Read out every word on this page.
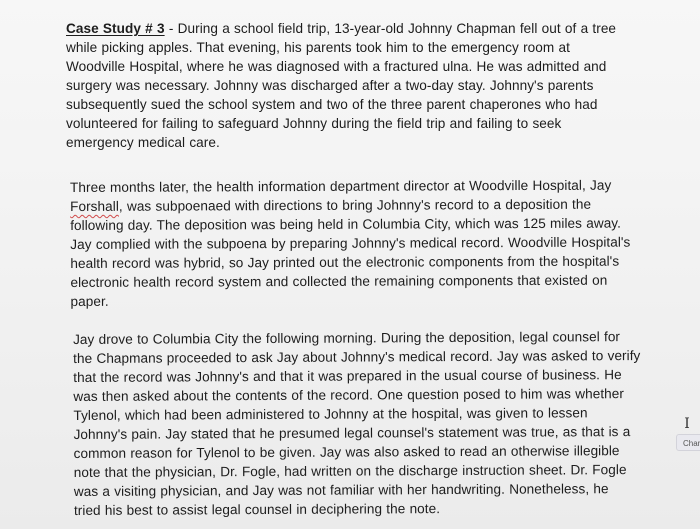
Case Study # 3 - During a school field trip, 13-year-old Johnny Chapman fell out of a tree
while picking apples. That evening, his parents took him to the emergency room at
Woodville Hospital, where he was diagnosed with a fractured ulna. He was admitted and
surgery was necessary. Johnny was discharged after a two-day stay. Johnny's parents
subsequently sued the school system and two of the three parent chaperones who had
volunteered for failing to safeguard Johnny during the field trip and failing to seek
emergency medical care.
Three months later, the health information department director at Woodville Hospital, Jay
Forshall, was subpoenaed with directions to bring Johnny's record to a deposition the
following day. The deposition was being held in Columbia City, which was 125 miles away.
Jay complied with the subpoena by preparing Johnny's medical record. Woodville Hospital's
health record was hybrid, so Jay printed out the electronic components from the hospital's
electronic health record system and collected the remaining components that existed on
paper.
Jay drove to Columbia City the following morning. During the deposition, legal counsel for
the Chapmans proceeded to ask Jay about Johnny's medical record. Jay was asked to verify
that the record was Johnny's and that it was prepared in the usual course of business. He
was then asked about the contents of the record. One question posed to him was whether
Tylenol, which had been administered to Johnny at the hospital, was given to lessen
Johnny's pain. Jay stated that he presumed legal counsel's statement was true, as that is a
common reason for Tylenol to be given. Jay was also asked to read an otherwise illegible
note that the physician, Dr. Fogle, had written on the discharge instruction sheet. Dr. Fogle
was a visiting physician, and Jay was not familiar with her handwriting. Nonetheless, he
tried his best to assist legal counsel in deciphering the note.
I
Char
